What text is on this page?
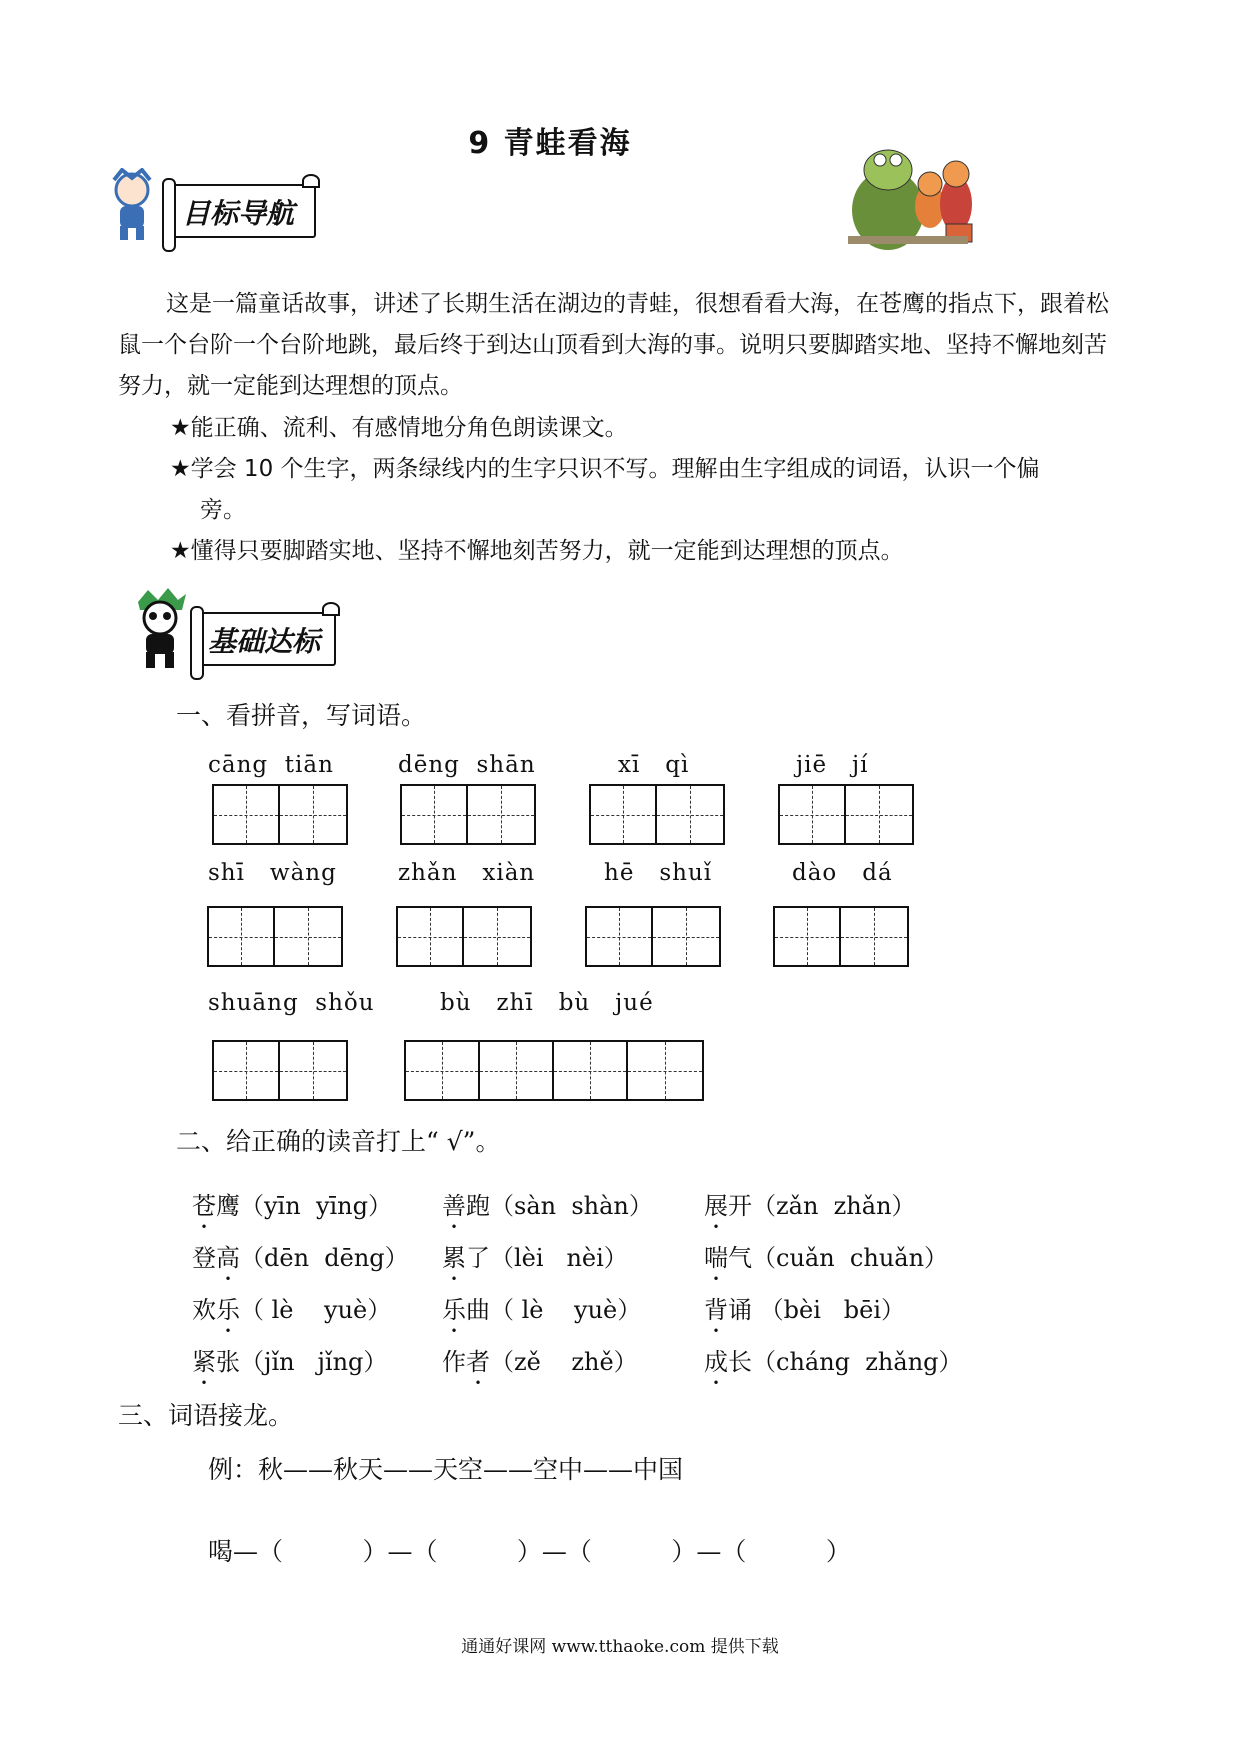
9 青蛙看海
目标导航

这是一篇童话故事，讲述了长期生活在湖边的青蛙，很想看看大海，在苍鹰的指点下，跟着松鼠一个台阶一个台阶地跳，最后终于到达山顶看到大海的事。说明只要脚踏实地、坚持不懈地刻苦努力，就一定能到达理想的顶点。

★能正确、流利、有感情地分角色朗读课文。

★学会 10 个生字，两条绿线内的生字只识不写。理解由生字组成的词语，认识一个偏

旁。

★懂得只要脚踏实地、坚持不懈地刻苦努力，就一定能到达理想的顶点。

基础达标
一、看拼音，写词语。
cāng  tiān	dēng  shān	xī   qì	jiē   jí
shī   wàng	zhǎn   xiàn	hē   shuǐ	dào   dá
shuāng  shǒu	bù   zhī   bù   jué
二、给正确的读音打上“ √”。
苍鹰（yīn  yīng） 善跑（sàn  shàn） 展开（zǎn  zhǎn）
登高（dēn  dēng） 累了（lèi   nèi）	喘气（cuǎn  chuǎn）
欢乐（ lè    yuè） 乐曲（ lè    yuè）	背诵 （bèi   bēi）
紧张（jǐn   jǐng） 作者（zě    zhě）	成长（cháng  zhǎng）
三、词语接龙。
例：秋——秋天——天空——空中——中国
喝—（          ）—（          ）—（          ）—（          ）
通通好课网 www.tthaoke.com 提供下载
